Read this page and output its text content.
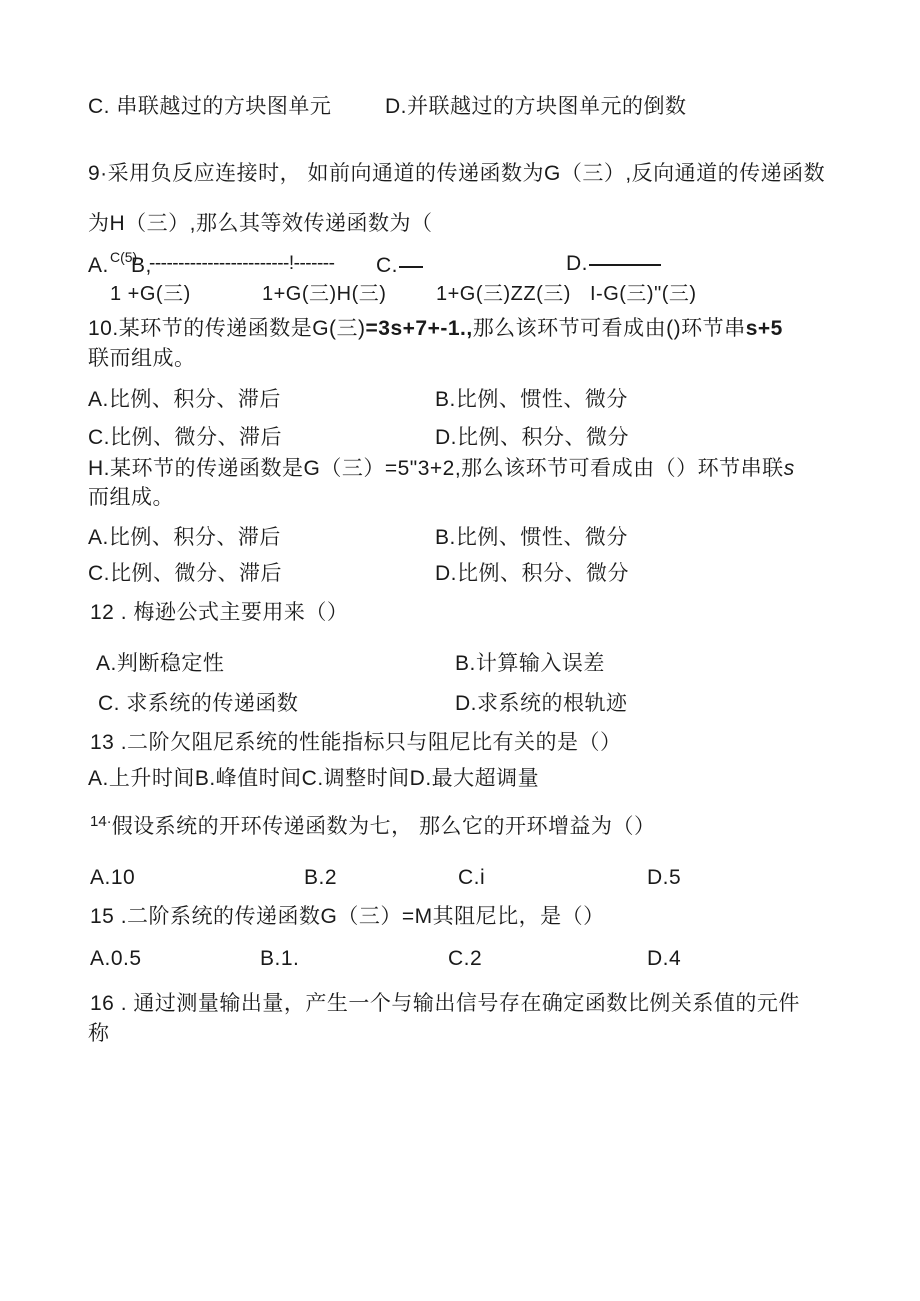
C. 串联越过的方块图单元	D.并联越过的方块图单元的倒数
9·采用负反应连接时， 如前向通道的传递函数为G（三）,反向通道的传递函数
为H（三）,那么其等效传递函数为（
A. C(5)
B,
------------------------!-------	C.	D.
1 +G(三)	1+G(三)H(三) 1+G(三)ZZ(三) I-G(三)"(三)
10.某环节的传递函数是G(三)=3s+7+-1.,那么该环节可看成由()环节串s+5
联而组成。
A.比例、积分、滞后	B.比例、惯性、微分
C.比例、微分、滞后	D.比例、积分、微分
H.某环节的传递函数是G（三）=5"3+2,那么该环节可看成由（）环节串联s
而组成。
A.比例、积分、滞后	B.比例、惯性、微分
C.比例、微分、滞后	D.比例、积分、微分
12 . 梅逊公式主要用来（）
A.判断稳定性	B.计算输入误差
C. 求系统的传递函数	D.求系统的根轨迹
13 .二阶欠阻尼系统的性能指标只与阻尼比有关的是（）
A.上升时间B.峰值时间C.调整时间D.最大超调量
$^{14\cdot}$假设系统的开环传递函数为七， 那么它的开环增益为（）
A.10	B.2	C.i	D.5
15 .二阶系统的传递函数G（三）=M其阻尼比，是（）
A.0.5	B.1.	C.2	D.4
16 . 通过测量输出量，产生一个与输出信号存在确定函数比例关系值的元件
称
